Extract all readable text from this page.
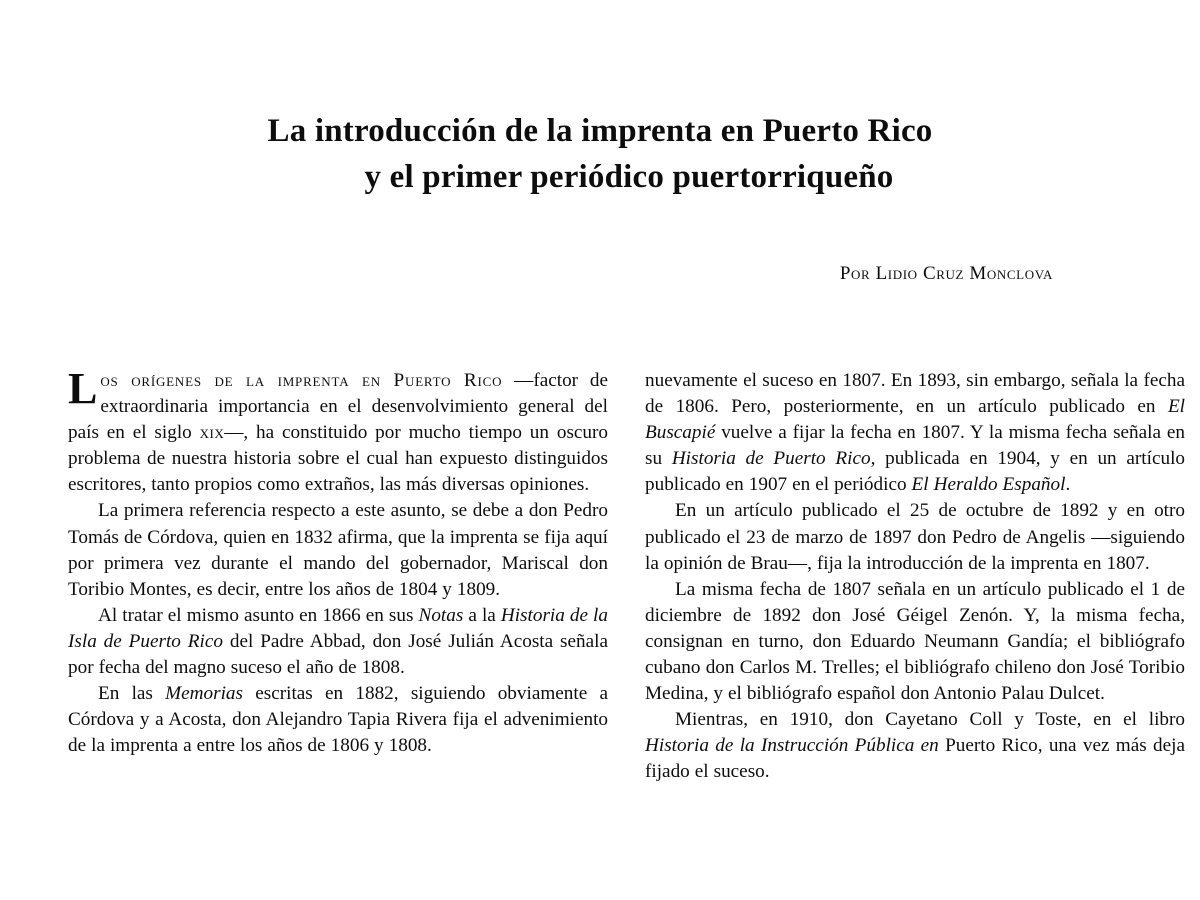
La introducción de la imprenta en Puerto Rico
y el primer periódico puertorriqueño
Por Lidio Cruz Monclova

Los orígenes de la imprenta en Puerto Rico —factor de extraordinaria importancia en el desenvolvimiento general del país en el siglo xix—, ha constituido por mucho tiempo un oscuro problema de nuestra historia sobre el cual han expuesto distinguidos escritores, tanto propios como extraños, las más diversas opiniones.

La primera referencia respecto a este asunto, se debe a don Pedro Tomás de Córdova, quien en 1832 afirma, que la imprenta se fija aquí por primera vez durante el mando del gobernador, Mariscal don Toribio Montes, es decir, entre los años de 1804 y 1809.

Al tratar el mismo asunto en 1866 en sus Notas a la Historia de la Isla de Puerto Rico del Padre Abbad, don José Julián Acosta señala por fecha del magno suceso el año de 1808.

En las Memorias escritas en 1882, siguiendo obviamente a Córdova y a Acosta, don Alejandro Tapia Rivera fija el advenimiento de la imprenta a entre los años de 1806 y 1808.

nuevamente el suceso en 1807. En 1893, sin embargo, señala la fecha de 1806. Pero, posteriormente, en un artículo publicado en El Buscapié vuelve a fijar la fecha en 1807. Y la misma fecha señala en su Historia de Puerto Rico, publicada en 1904, y en un artículo publicado en 1907 en el periódico El Heraldo Español.

En un artículo publicado el 25 de octubre de 1892 y en otro publicado el 23 de marzo de 1897 don Pedro de Angelis —siguiendo la opinión de Brau—, fija la introducción de la imprenta en 1807.

La misma fecha de 1807 señala en un artículo publicado el 1 de diciembre de 1892 don José Géigel Zenón. Y, la misma fecha, consignan en turno, don Eduardo Neumann Gandía; el bibliógrafo cubano don Carlos M. Trelles; el bibliógrafo chileno don José Toribio Medina, y el bibliógrafo español don Antonio Palau Dulcet.

Mientras, en 1910, don Cayetano Coll y Toste, en el libro Historia de la Instrucción Pública en Puerto Rico, una vez más deja fijado el suceso.
